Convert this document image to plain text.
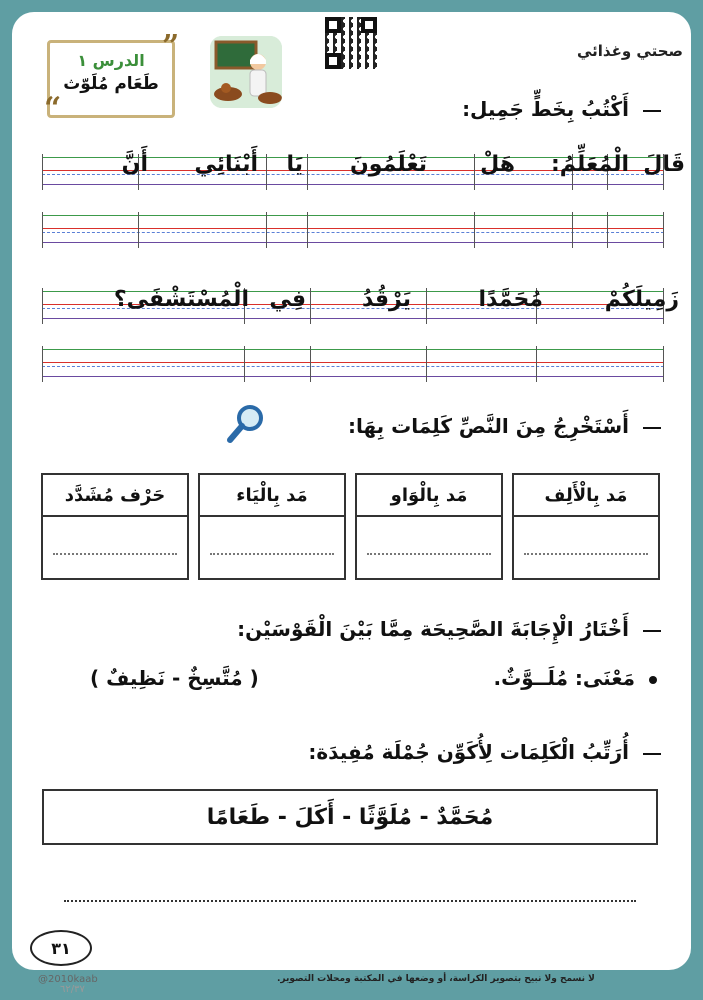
صحتي وغذائي
الدرس ١
طَعَام مُلَوّث
”
“	أَكْتُبُ بِخَطٍّ جَمِيل:
قَالَ
الْمُعَلِّمُ:
هَلْ
تَعْلَمُونَ
يَا
أَبْنَائِي
أَنَّ
زَمِيلَكُمْ
مُحَمَّدًا
يَرْقُدُ
فِي
الْمُسْتَشْفَى؟
أَسْتَخْرِجُ مِنَ النَّصِّ كَلِمَات بِهَا:
مَد بِالْأَلِف
مَد بِالْوَاو
مَد بِالْيَاء
حَرْف مُشَدَّد
أَخْتَارُ الْإِجَابَةَ الصَّحِيحَة مِمَّا بَيْنَ الْقَوْسَيْن:
مَعْنَى: مُلَــوَّثٌ.
( مُتَّسِخٌ - نَظِيفٌ )
أُرَتِّبُ الْكَلِمَات لِأُكَوِّن جُمْلَة مُفِيدَة:
مُحَمَّدٌ - مُلَوَّثًا - أَكَلَ - طَعَامًا
٣١
لا نسمح ولا نبيح بتصوير الكراسة، أو وضعها في المكتبة ومحلات التصوير.
@2010kaab
٦٢/٣٧
